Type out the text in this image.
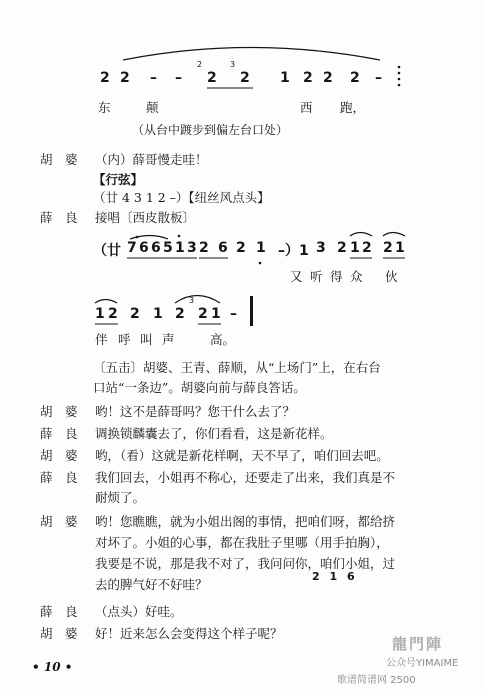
2 2 – –
2
2
3
2 1 2 2 2 –
东	颠	西 跑，
（从台中踱步到偏左台口处）
胡　婆 （内）薛哥慢走哇！
【行弦】
（廿 4 3 1 2 –）【纽丝风点头】
薛　良 接唱〔西皮散板〕
（廿 7 6 6 5 1 3 2 6 2 1 –）1 3 2 1 2 2 1
又 听 得 众 伙
1 2 2 1 2
3
2 1 –
伴 呼 叫 声	高。
〔五击〕胡婆、王青、薛顺，从“上场门”上，在右台
口站“一条边”。胡婆向前与薛良答话。
胡　婆 哟！这不是薛哥吗？您干什么去了？
薛　良 调换锁麟囊去了，你们看看，这是新花样。
胡　婆 哟，（看）这就是新花样啊，天不早了，咱们回去吧。
薛　良 我们回去，小姐再不称心，还要走了出来，我们真是不
耐烦了。
胡　婆 哟！您瞧瞧，就为小姐出阁的事情，把咱们呀，都给挤
对坏了。小姐的心事，都在我肚子里哪（用手拍胸），
我要是不说，那是我不对了，我问问你，咱们小姐，过
去的脾气好不好哇？
薛　良 （点头）好哇。
胡　婆 好！近来怎么会变得这个样子呢？
2 1 6
• 10 •
龍門陣
公众号YIMAIME
歌谱简谱网 2500
